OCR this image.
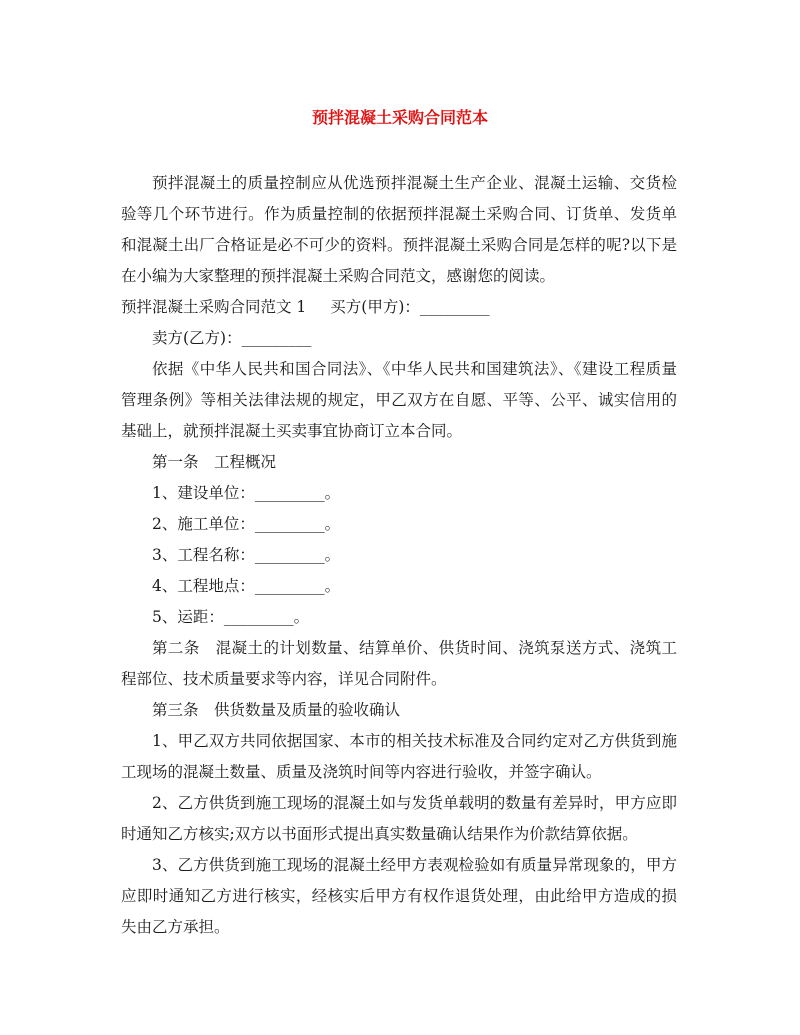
预拌混凝土采购合同范本

预拌混凝土的质量控制应从优选预拌混凝土生产企业、混凝土运输、交货检验等几个环节进行。作为质量控制的依据预拌混凝土采购合同、订货单、发货单和混凝土出厂合格证是必不可少的资料。预拌混凝土采购合同是怎样的呢?以下是在小编为大家整理的预拌混凝土采购合同范文，感谢您的阅读。

预拌混凝土采购合同范文 1 买方(甲方)：_________

卖方(乙方)：_________

依据《中华人民共和国合同法》、《中华人民共和国建筑法》、《建设工程质量管理条例》等相关法律法规的规定，甲乙双方在自愿、平等、公平、诚实信用的基础上，就预拌混凝土买卖事宜协商订立本合同。

第一条　工程概况

1、建设单位：_________。

2、施工单位：_________。

3、工程名称：_________。

4、工程地点：_________。

5、运距：_________。

第二条　混凝土的计划数量、结算单价、供货时间、浇筑泵送方式、浇筑工程部位、技术质量要求等内容，详见合同附件。

第三条　供货数量及质量的验收确认

1、甲乙双方共同依据国家、本市的相关技术标准及合同约定对乙方供货到施工现场的混凝土数量、质量及浇筑时间等内容进行验收，并签字确认。

2、乙方供货到施工现场的混凝土如与发货单载明的数量有差异时，甲方应即时通知乙方核实;双方以书面形式提出真实数量确认结果作为价款结算依据。

3、乙方供货到施工现场的混凝土经甲方表观检验如有质量异常现象的，甲方应即时通知乙方进行核实，经核实后甲方有权作退货处理，由此给甲方造成的损失由乙方承担。
